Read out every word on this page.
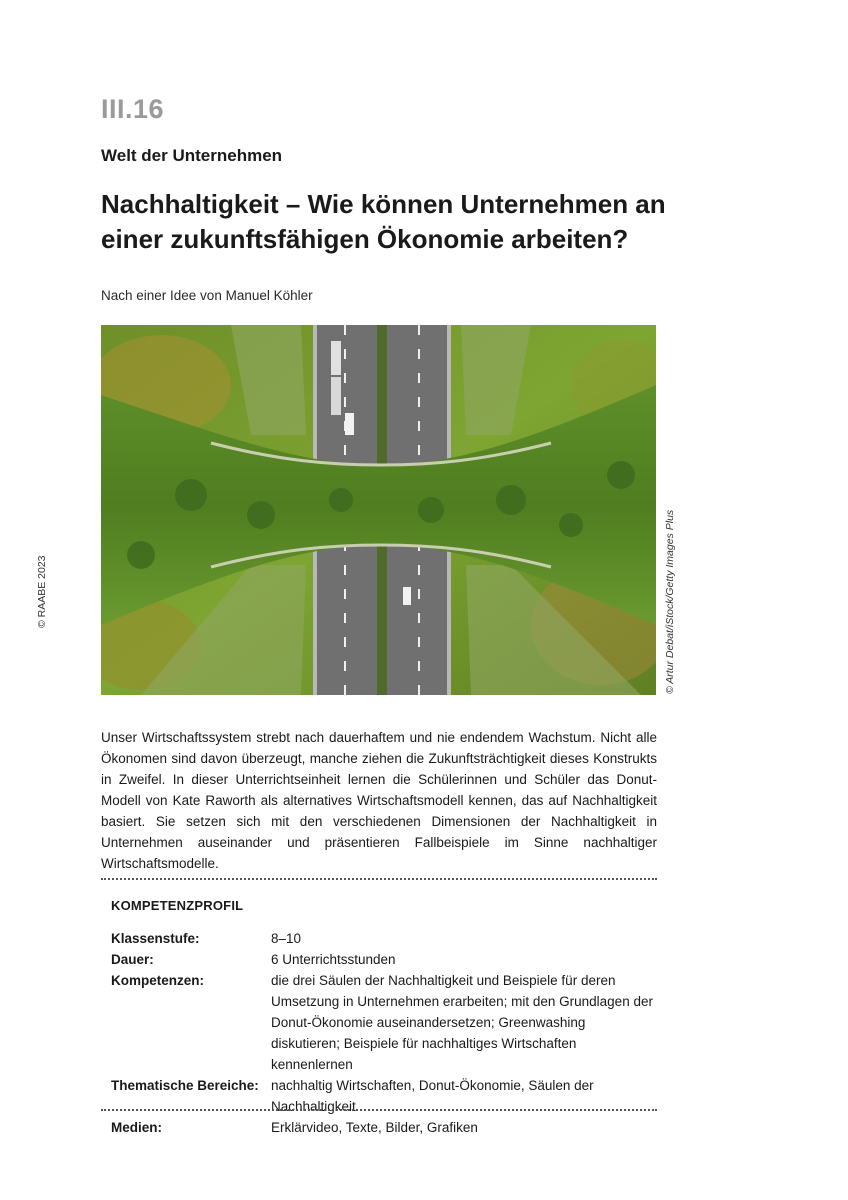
III.16
Welt der Unternehmen
Nachhaltigkeit – Wie können Unternehmen an einer zukunftsfähigen Ökonomie arbeiten?
Nach einer Idee von Manuel Köhler
© RAABE 2023	© Artur Debat/iStock/Getty Images Plus

Unser Wirtschaftssystem strebt nach dauerhaftem und nie endendem Wachstum. Nicht alle Ökonomen sind davon überzeugt, manche ziehen die Zukunftsträchtigkeit dieses Konstrukts in Zweifel. In dieser Unterrichtseinheit lernen die Schülerinnen und Schüler das Donut-Modell von Kate Raworth als alternatives Wirtschaftsmodell kennen, das auf Nachhaltigkeit basiert. Sie setzen sich mit den verschiedenen Dimensionen der Nachhaltigkeit in Unternehmen auseinander und präsentieren Fallbeispiele im Sinne nachhaltiger Wirtschaftsmodelle.

KOMPETENZPROFIL
Klassenstufe:	8–10
Dauer:	6 Unterrichtsstunden
Kompetenzen:	die drei Säulen der Nachhaltigkeit und Beispiele für deren Umsetzung in Unternehmen erarbeiten; mit den Grundlagen der Donut-Ökonomie auseinandersetzen; Greenwashing diskutieren; Beispiele für nachhaltiges Wirtschaften kennenlernen
Thematische Bereiche:	nachhaltig Wirtschaften, Donut-Ökonomie, Säulen der Nachhaltigkeit
Medien:	Erklärvideo, Texte, Bilder, Grafiken
